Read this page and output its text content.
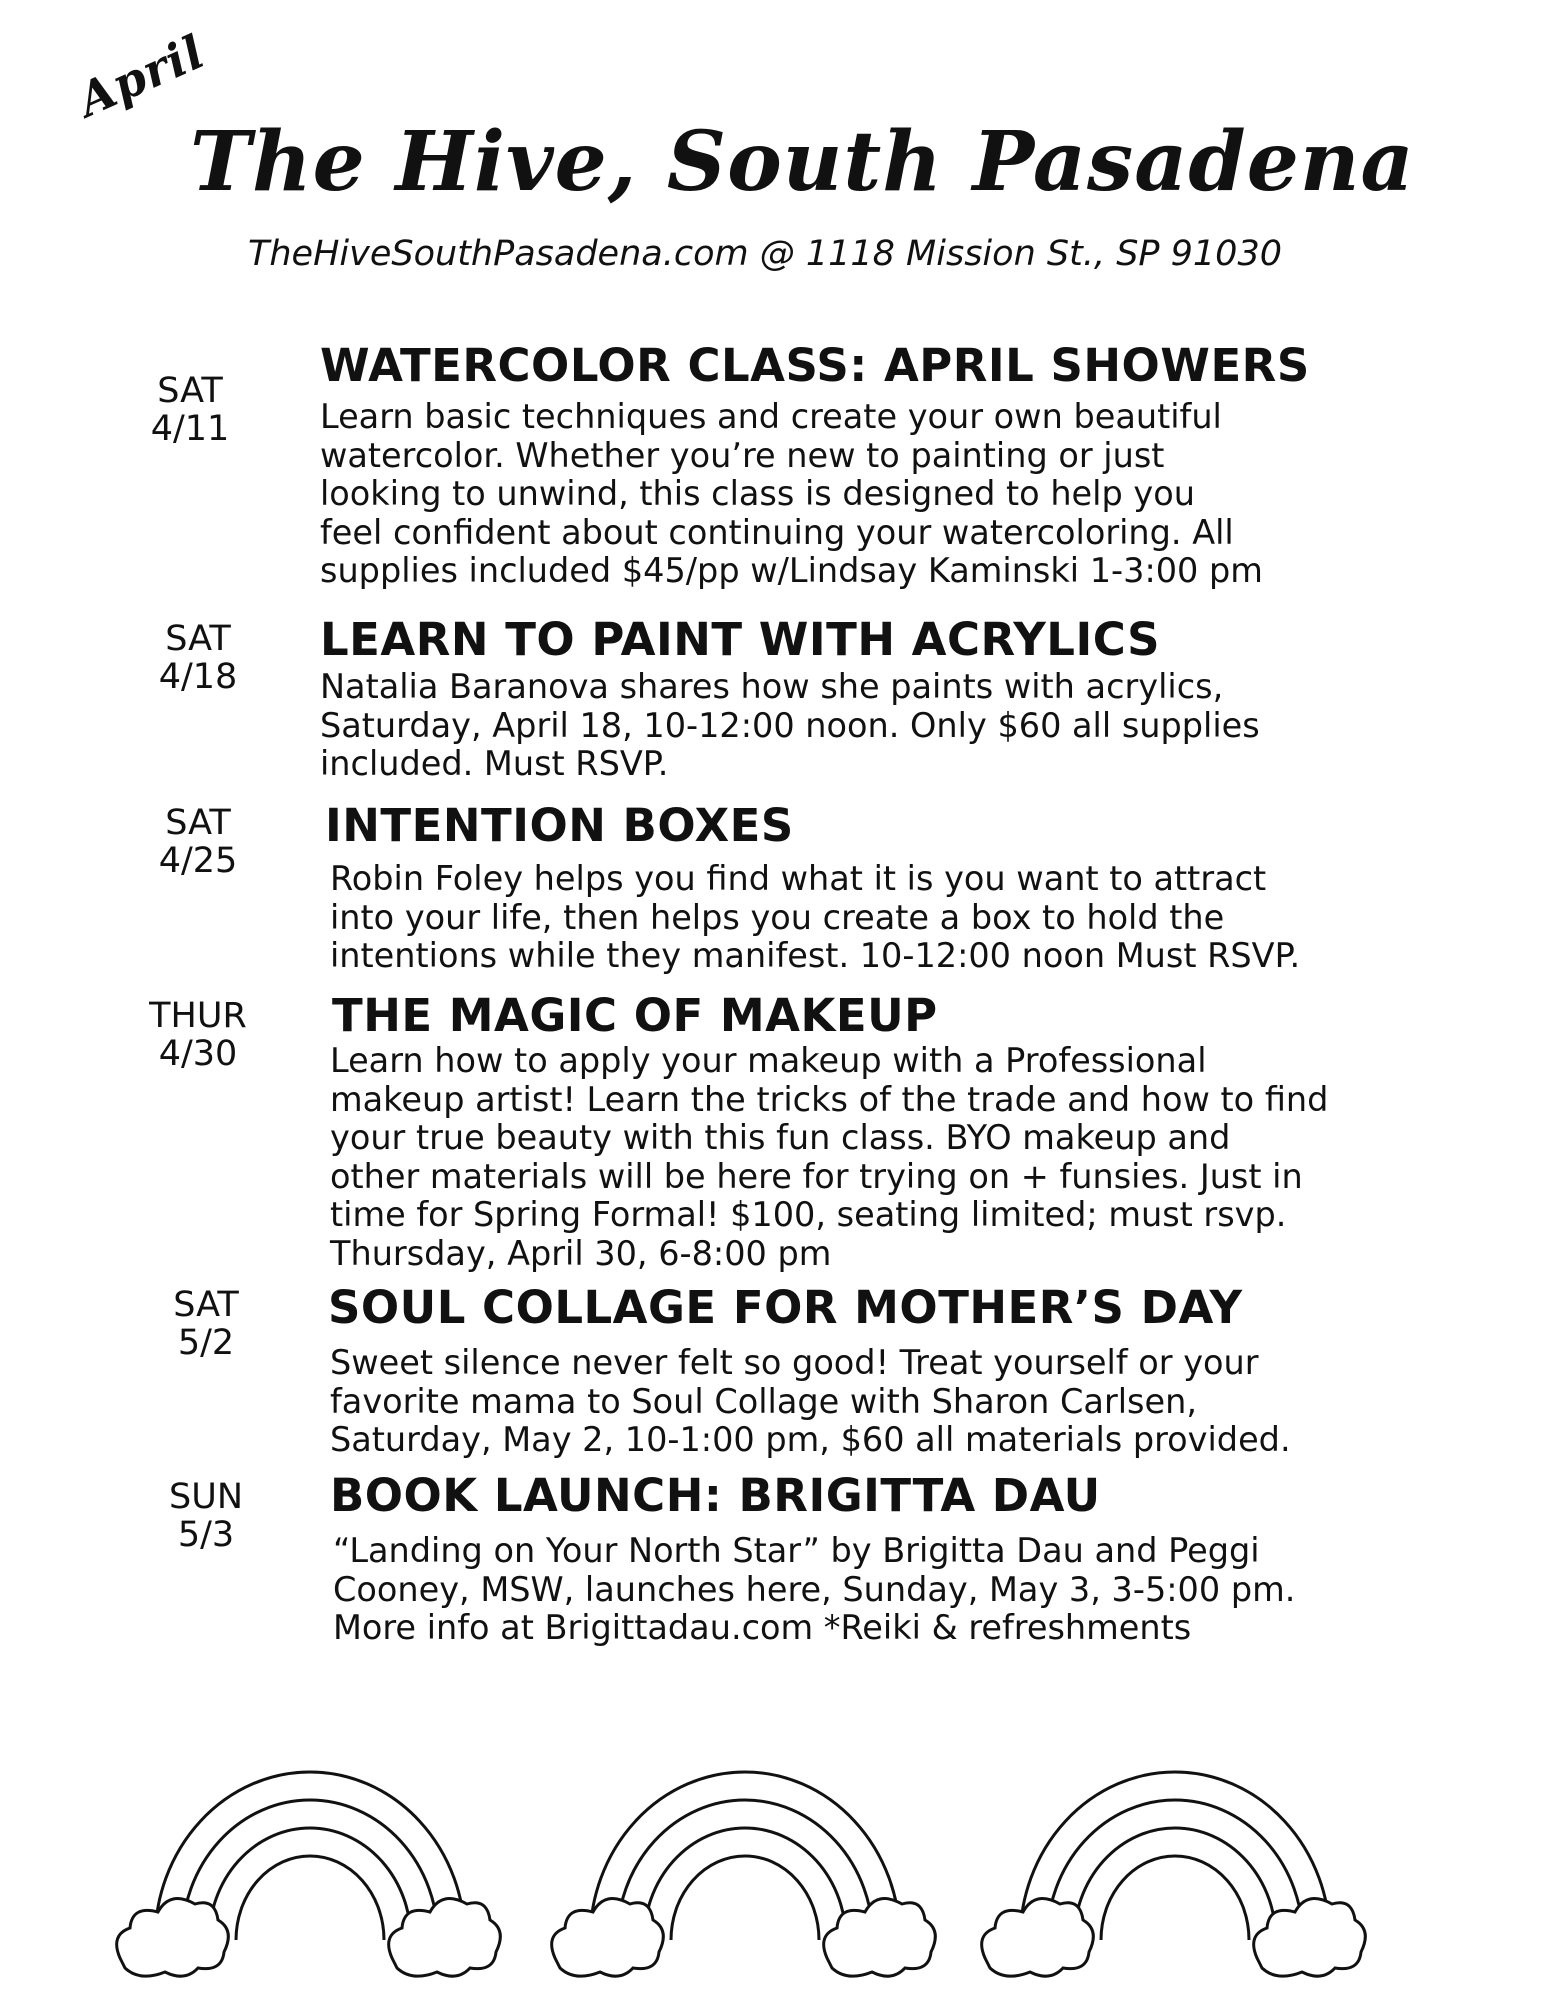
April
The Hive, South Pasadena
TheHiveSouthPasadena.com @ 1118 Mission St., SP 91030
SAT
4/11
WATERCOLOR CLASS: APRIL SHOWERS
Learn basic techniques and create your own beautiful
watercolor. Whether you’re new to painting or just
looking to unwind, this class is designed to help you
feel confident about continuing your watercoloring. All
supplies included $45/pp w/Lindsay Kaminski 1-3:00 pm
SAT
4/18
LEARN TO PAINT WITH ACRYLICS
Natalia Baranova shares how she paints with acrylics,
Saturday, April 18, 10-12:00 noon. Only $60 all supplies
included. Must RSVP.
SAT
4/25
INTENTION BOXES
Robin Foley helps you find what it is you want to attract
into your life, then helps you create a box to hold the
intentions while they manifest. 10-12:00 noon Must RSVP.
THUR
4/30
THE MAGIC OF MAKEUP
Learn how to apply your makeup with a Professional
makeup artist! Learn the tricks of the trade and how to find
your true beauty with this fun class. BYO makeup and
other materials will be here for trying on + funsies. Just in
time for Spring Formal! $100, seating limited; must rsvp.
Thursday, April 30, 6-8:00 pm
SAT
5/2
SOUL COLLAGE FOR MOTHER’S DAY
Sweet silence never felt so good! Treat yourself or your
favorite mama to Soul Collage with Sharon Carlsen,
Saturday, May 2, 10-1:00 pm, $60 all materials provided.
SUN
5/3
BOOK LAUNCH: BRIGITTA DAU
“Landing on Your North Star” by Brigitta Dau and Peggi
Cooney, MSW, launches here, Sunday, May 3, 3-5:00 pm.
More info at Brigittadau.com *Reiki & refreshments
